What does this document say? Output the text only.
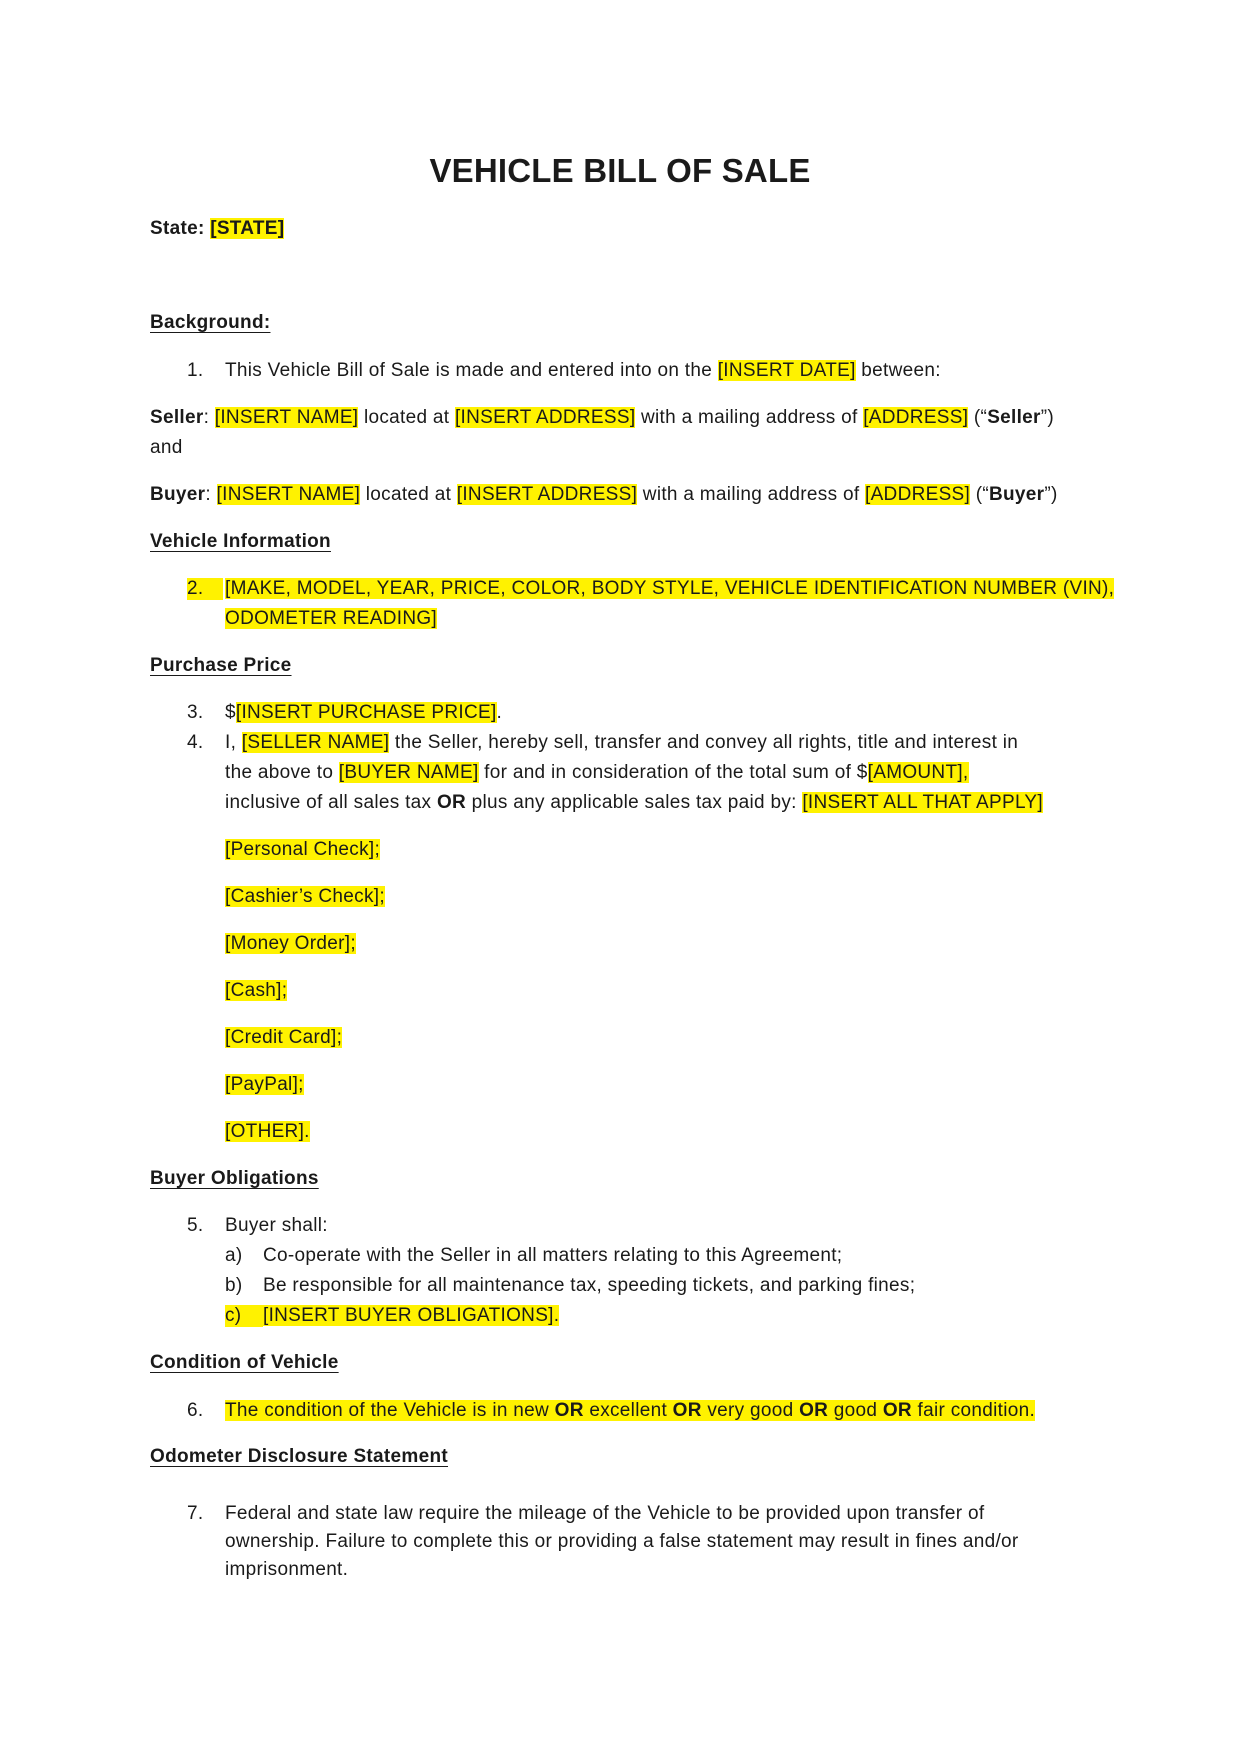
VEHICLE BILL OF SALE
State: [STATE]
Background:
1.	This Vehicle Bill of Sale is made and entered into on the [INSERT DATE] between:
Seller: [INSERT NAME] located at [INSERT ADDRESS] with a mailing address of [ADDRESS] (“Seller”)
and
Buyer: [INSERT NAME] located at [INSERT ADDRESS] with a mailing address of [ADDRESS] (“Buyer”)
Vehicle Information
2.	[MAKE, MODEL, YEAR, PRICE, COLOR, BODY STYLE, VEHICLE IDENTIFICATION NUMBER (VIN),
ODOMETER READING]
Purchase Price
3.	$[INSERT PURCHASE PRICE].
4.	I, [SELLER NAME] the Seller, hereby sell, transfer and convey all rights, title and interest in
the above to [BUYER NAME] for and in consideration of the total sum of $[AMOUNT],
inclusive of all sales tax OR plus any applicable sales tax paid by: [INSERT ALL THAT APPLY]
[Personal Check];
[Cashier’s Check];
[Money Order];
[Cash];
[Credit Card];
[PayPal];
[OTHER].
Buyer Obligations
5.	Buyer shall:
a) Co-operate with the Seller in all matters relating to this Agreement;
b) Be responsible for all maintenance tax, speeding tickets, and parking fines;
c)	[INSERT BUYER OBLIGATIONS].
Condition of Vehicle
6.	The condition of the Vehicle is in new OR excellent OR very good OR good OR fair condition.
Odometer Disclosure Statement
7.	Federal and state law require the mileage of the Vehicle to be provided upon transfer of
ownership. Failure to complete this or providing a false statement may result in fines and/or
imprisonment.
